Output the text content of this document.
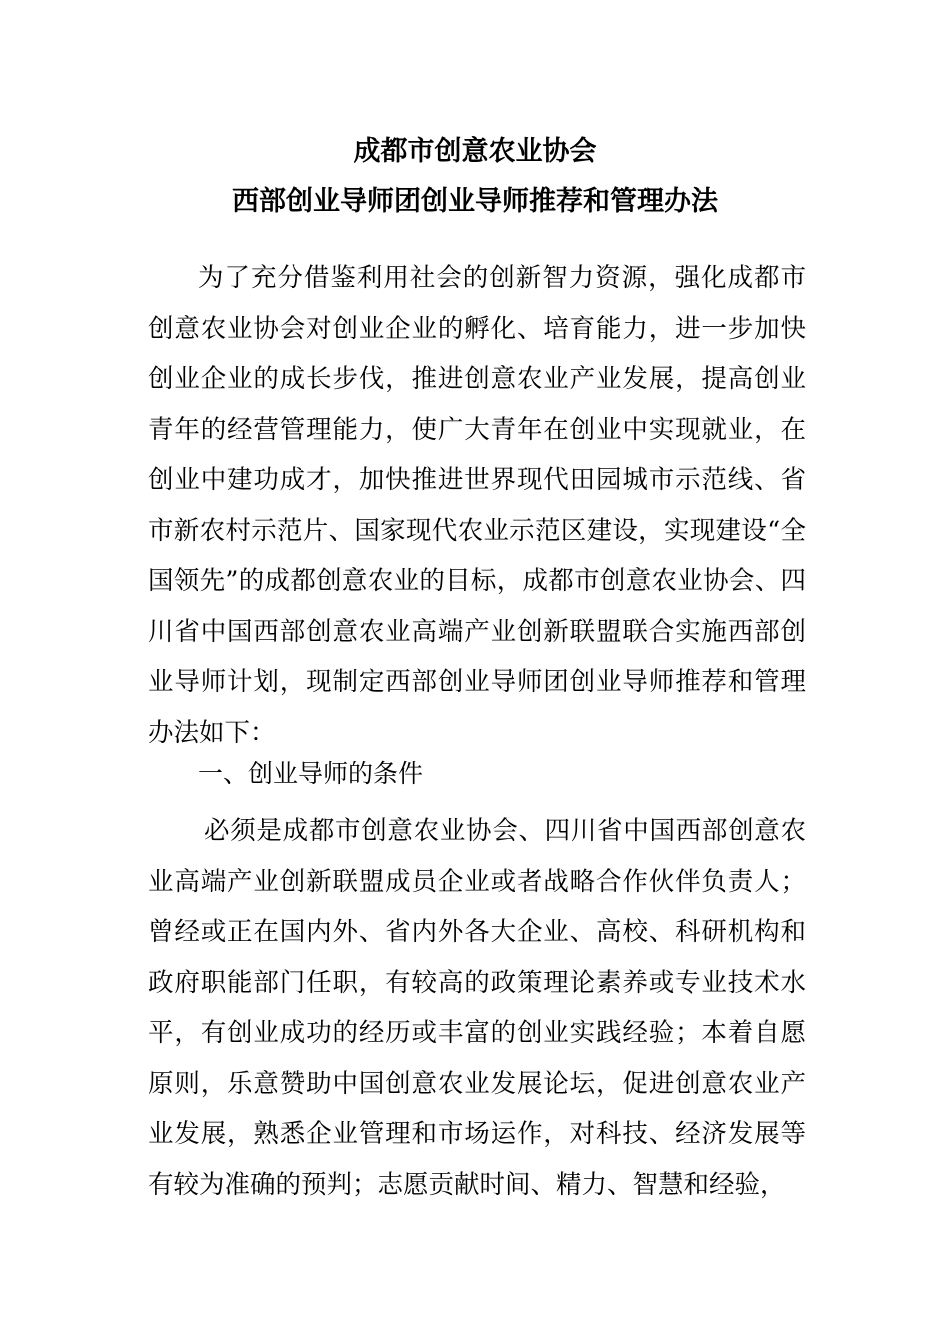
成都市创意农业协会
西部创业导师团创业导师推荐和管理办法
为了充分借鉴利用社会的创新智力资源，强化成都市创意农业协会对创业企业的孵化、培育能力，进一步加快创业企业的成长步伐，推进创意农业产业发展，提高创业青年的经营管理能力，使广大青年在创业中实现就业，在创业中建功成才，加快推进世界现代田园城市示范线、省市新农村示范片、国家现代农业示范区建设，实现建设“全国领先”的成都创意农业的目标，成都市创意农业协会、四川省中国西部创意农业高端产业创新联盟联合实施西部创业导师计划，现制定西部创业导师团创业导师推荐和管理办法如下：
一、创业导师的条件
必须是成都市创意农业协会、四川省中国西部创意农业高端产业创新联盟成员企业或者战略合作伙伴负责人；曾经或正在国内外、省内外各大企业、高校、科研机构和政府职能部门任职，有较高的政策理论素养或专业技术水平，有创业成功的经历或丰富的创业实践经验；本着自愿原则，乐意赞助中国创意农业发展论坛，促进创意农业产业发展，熟悉企业管理和市场运作，对科技、经济发展等有较为准确的预判；志愿贡献时间、精力、智慧和经验，
